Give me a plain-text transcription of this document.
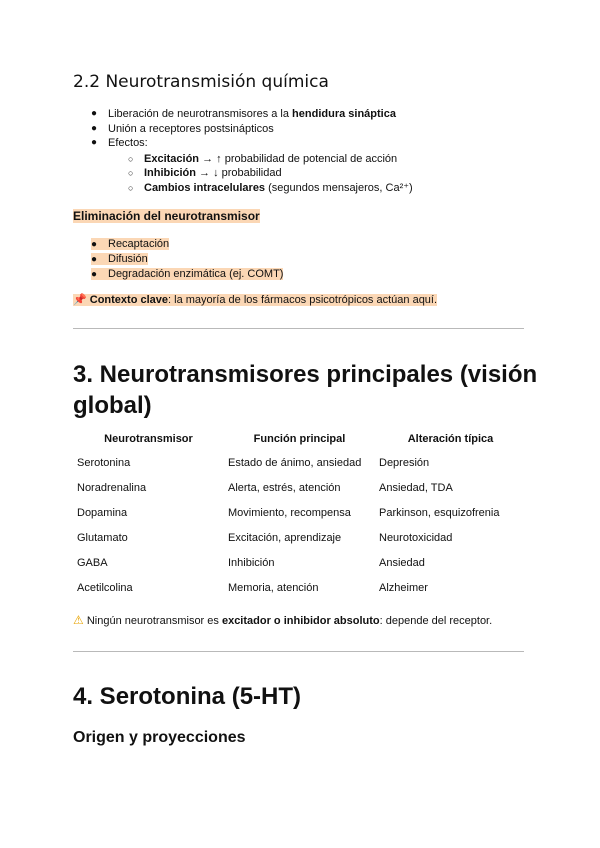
2.2 Neurotransmisión química
● Liberación de neurotransmisores a la hendidura sináptica
● Unión a receptores postsinápticos
● Efectos:
○ Excitación → ↑ probabilidad de potencial de acción
○ Inhibición → ↓ probabilidad
○ Cambios intracelulares (segundos mensajeros, Ca²⁺)

Eliminación del neurotransmisor

● Recaptación
● Difusión
● Degradación enzimática (ej. COMT)

📌 Contexto clave: la mayoría de los fármacos psicotrópicos actúan aquí.

3. Neurotransmisores principales (visión
global)
Neurotransmisor	Función principal	Alteración típica
Serotonina	Estado de ánimo, ansiedad	Depresión
Noradrenalina	Alerta, estrés, atención	Ansiedad, TDA
Dopamina	Movimiento, recompensa	Parkinson, esquizofrenia
Glutamato	Excitación, aprendizaje	Neurotoxicidad
GABA	Inhibición	Ansiedad
Acetilcolina	Memoria, atención	Alzheimer

⚠ Ningún neurotransmisor es excitador o inhibidor absoluto: depende del receptor.

4. Serotonina (5-HT)
Origen y proyecciones
